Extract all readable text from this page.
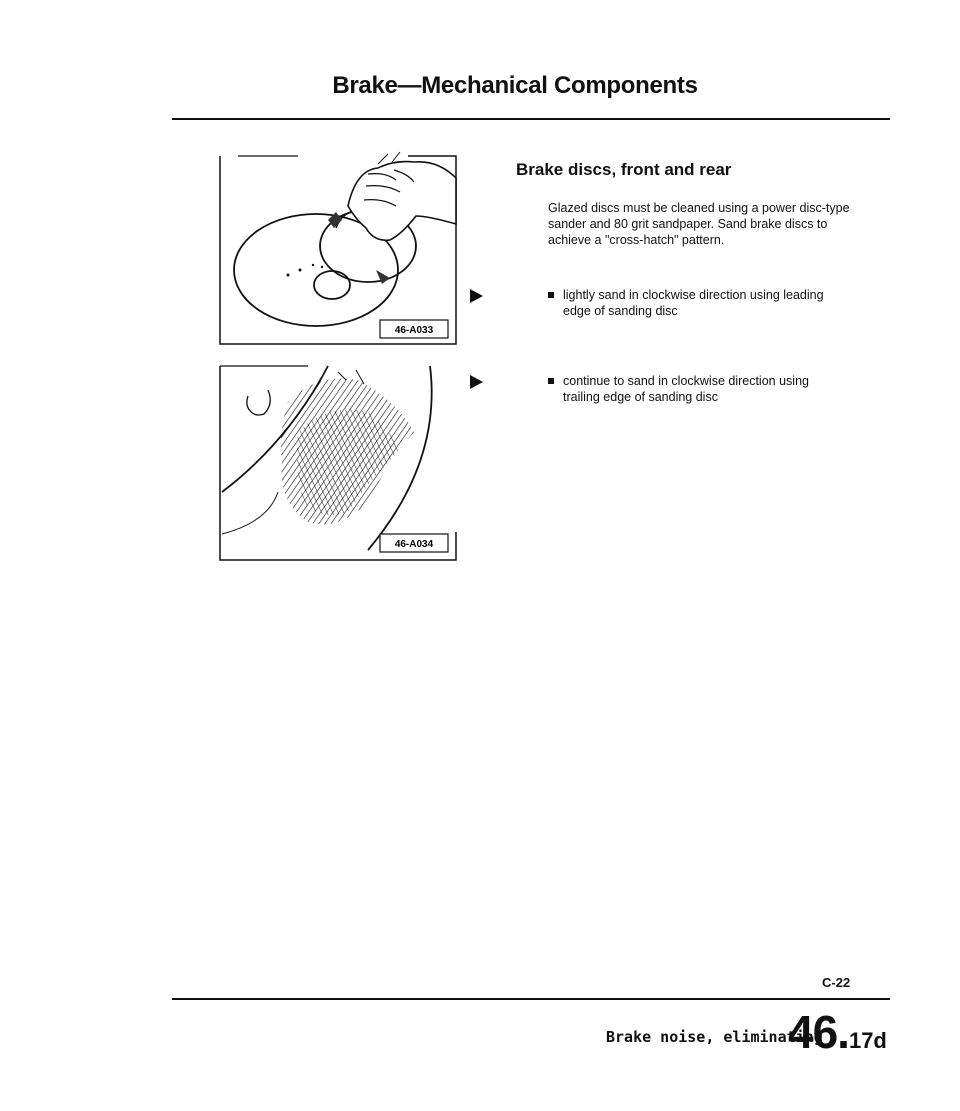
Brake—Mechanical Components
46-A033
46-A034
Brake discs, front and rear
Glazed discs must be cleaned using a power disc-type sander and 80 grit sandpaper. Sand brake discs to achieve a "cross-hatch" pattern.
lightly sand in clockwise direction using leading edge of sanding disc
continue to sand in clockwise direction using trailing edge of sanding disc
C-22
Brake noise, eliminating
46.17d
